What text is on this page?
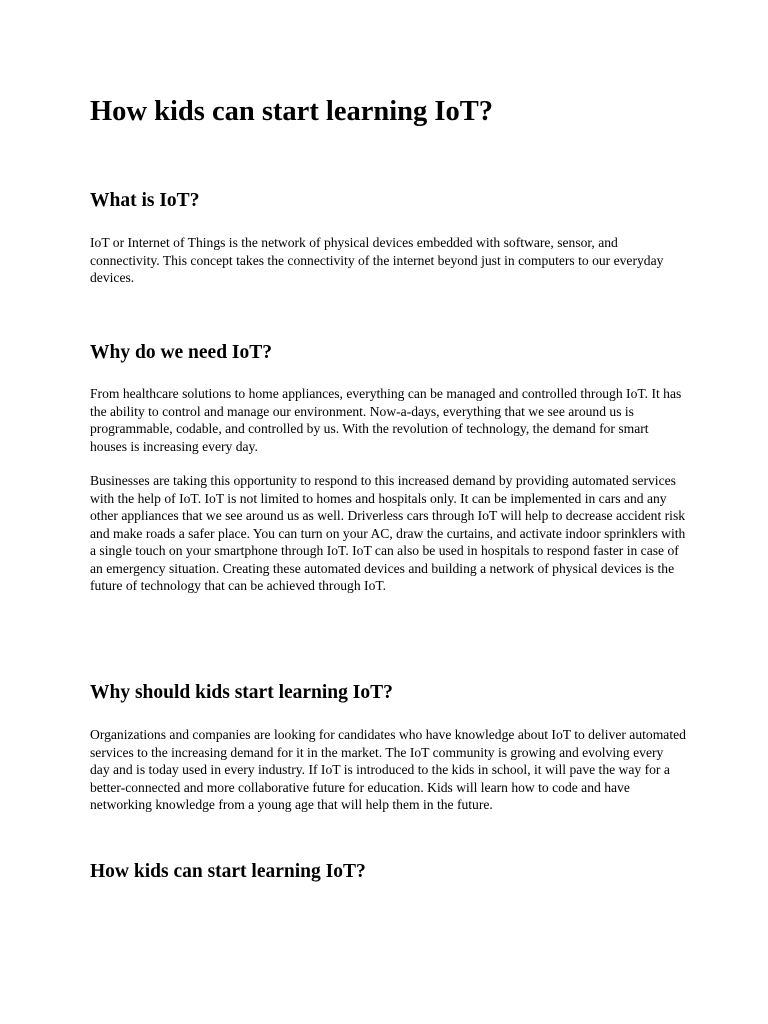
How kids can start learning IoT?
What is IoT?

IoT or Internet of Things is the network of physical devices embedded with software, sensor, and connectivity. This concept takes the connectivity of the internet beyond just in computers to our everyday devices.

Why do we need IoT?

From healthcare solutions to home appliances, everything can be managed and controlled through IoT. It has the ability to control and manage our environment. Now-a-days, everything that we see around us is programmable, codable, and controlled by us. With the revolution of technology, the demand for smart houses is increasing every day.

Businesses are taking this opportunity to respond to this increased demand by providing automated services with the help of IoT. IoT is not limited to homes and hospitals only. It can be implemented in cars and any other appliances that we see around us as well. Driverless cars through IoT will help to decrease accident risk and make roads a safer place. You can turn on your AC, draw the curtains, and activate indoor sprinklers with a single touch on your smartphone through IoT. IoT can also be used in hospitals to respond faster in case of an emergency situation. Creating these automated devices and building a network of physical devices is the future of technology that can be achieved through IoT.

Why should kids start learning IoT?

Organizations and companies are looking for candidates who have knowledge about IoT to deliver automated services to the increasing demand for it in the market. The IoT community is growing and evolving every day and is today used in every industry. If IoT is introduced to the kids in school, it will pave the way for a better-connected and more collaborative future for education. Kids will learn how to code and have networking knowledge from a young age that will help them in the future.

How kids can start learning IoT?
